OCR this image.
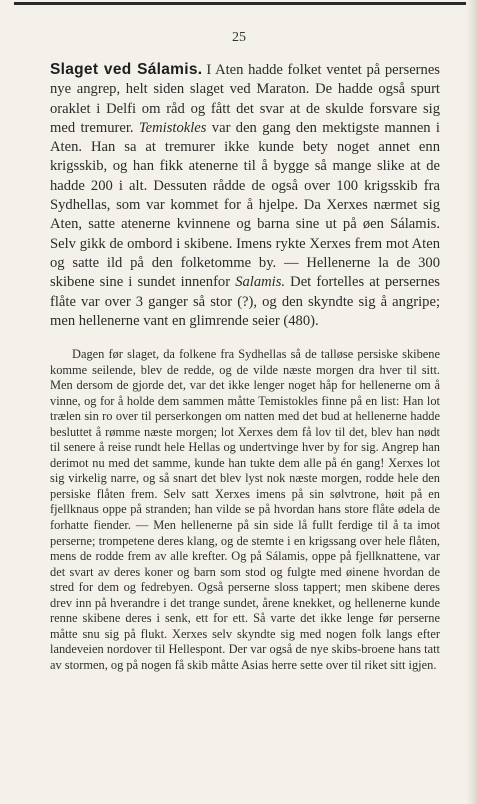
25

Slaget ved Sálamis. I Aten hadde folket ventet på persernes nye angrep, helt siden slaget ved Maraton. De hadde også spurt oraklet i Delfi om råd og fått det svar at de skulde forsvare sig med tremurer. Temistokles var den gang den mektigste mannen i Aten. Han sa at tremurer ikke kunde bety noget annet enn krigsskib, og han fikk atenerne til å bygge så mange slike at de hadde 200 i alt. Dessuten rådde de også over 100 krigsskib fra Sydhellas, som var kommet for å hjelpe. Da Xerxes nærmet sig Aten, satte atenerne kvinnene og barna sine ut på øen Sálamis. Selv gikk de ombord i skibene. Imens rykte Xerxes frem mot Aten og satte ild på den folketomme by. — Hellenerne la de 300 skibene sine i sundet innenfor Salamis. Det fortelles at persernes flåte var over 3 ganger så stor (?), og den skyndte sig å angripe; men hellenerne vant en glimrende seier (480).

Dagen før slaget, da folkene fra Sydhellas så de talløse persiske skibene komme seilende, blev de redde, og de vilde næste morgen dra hver til sitt. Men dersom de gjorde det, var det ikke lenger noget håp for hellenerne om å vinne, og for å holde dem sammen måtte Temistokles finne på en list: Han lot trælen sin ro over til perserkongen om natten med det bud at hellenerne hadde besluttet å rømme næste morgen; lot Xerxes dem få lov til det, blev han nødt til senere å reise rundt hele Hellas og undertvinge hver by for sig. Angrep han derimot nu med det samme, kunde han tukte dem alle på én gang! Xerxes lot sig virkelig narre, og så snart det blev lyst nok næste morgen, rodde hele den persiske flåten frem. Selv satt Xerxes imens på sin sølvtrone, høit på en fjellknaus oppe på stranden; han vilde se på hvordan hans store flåte ødela de forhatte fiender. — Men hellenerne på sin side lå fullt ferdige til å ta imot perserne; trompetene deres klang, og de stemte i en krigssang over hele flåten, mens de rodde frem av alle krefter. Og på Sálamis, oppe på fjellknattene, var det svart av deres koner og barn som stod og fulgte med øinene hvordan de stred for dem og fedrebyen. Også perserne sloss tappert; men skibene deres drev inn på hverandre i det trange sundet, årene knekket, og hellenerne kunde renne skibene deres i senk, ett for ett. Så varte det ikke lenge før perserne måtte snu sig på flukt. Xerxes selv skyndte sig med nogen folk langs efter landeveien nordover til Hellespont. Der var også de nye skibs-broene hans tatt av stormen, og på nogen få skib måtte Asias herre sette over til riket sitt igjen.
